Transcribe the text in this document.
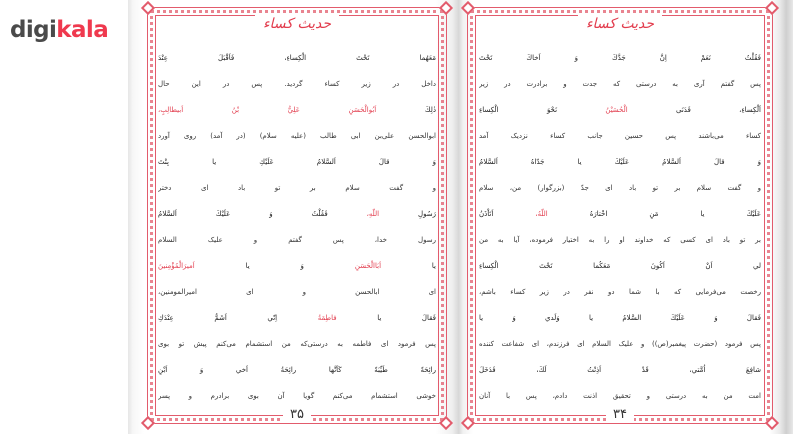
digikala	حدیث کساء
مَعَهُما تَحْتَ الْكِساءِ، فَاَقْبَلَ عِنْدَ
داخل در زیر کساء گردید. پس در این حال
ذٰلِكَ اَبُوالْحَسَنِ عَلِيُّ بْنُ اَبيطالِبٍ،
ابوالحسن علی‌بن ابی طالب (علیه سلام) (در آمد) روی آورد
وَ قالَ اَلسَّلامُ عَلَيْكِ يا بِنْتَ
و گفت سلام بر تو باد ای دختر
رَسُولِ اللّهِ، فَقُلْتُ وَ عَلَيْكَ اَلسَّلامُ
رسول خدا، پس گفتم و علیک السلام
يا اَبَاالْحَسَنِ وَ يا اَميرَالْمُؤْمِنينَ
ای ابالحسن و ای امیرالمومنین،
فَقالَ يا فاطِمَةُ اِنّي اَشَمُّ عِنْدَكِ
پس فرمود ای فاطمه به درستی‌که من استشمام می‌کنم پیش تو بوی
رائِحَةً طَيِّبَةً كَاَنَّها رائِحَةُ اَخي وَ اَبْنِ
خوشی استشمام می‌کنم گویا آن بوی برادرم و پسر
۳۵
حدیث کساء
فَقُلْتُ نَعَمْ اِنَّ جَدَّكَ وَ اَخاكَ تَحْتَ
پس گفتم آری به درستی که جدت و برادرت در زیر
اَلْكِساءِ، فَدَنَى الْحُسَيْنُ نَحْوَ الْكِساءِ
کساء می‌باشند پس حسین جانب کساء نزدیک آمد
وَ قالَ اَلسَّلامُ عَلَيْكَ يا جَدّاهُ اَلسَّلامُ
و گفت سلام بر تو باد ای جدّ (بزرگوار) من، سلام
عَلَيْكَ يا مَنِ اخْتارَهُ اللّهُ، اَتَاْذَنُ
بر تو باد ای کسی که خداوند او را به اختیار فرموده، آیا به من
لي اَنْ اَكُونَ مَعَكُما تَحْتَ الْكِساءِ
رخصت می‌فرمایی که با شما دو نفر در زیر کساء باشم،
فَقالَ وَ عَلَيْكَ السَّلامُ يا وَلَدي وَ يا
پس فرمود (حضرت پیغمبر(ص)) و علیک السلام ای فرزندم، ای شفاعت کننده
شافِعَ اُمَّتي، قَدْ اَذِنْتُ لَكَ، فَدَخَلَ
امت من به درستی و تحقیق اذنت دادم، پس با آنان
۳۴
